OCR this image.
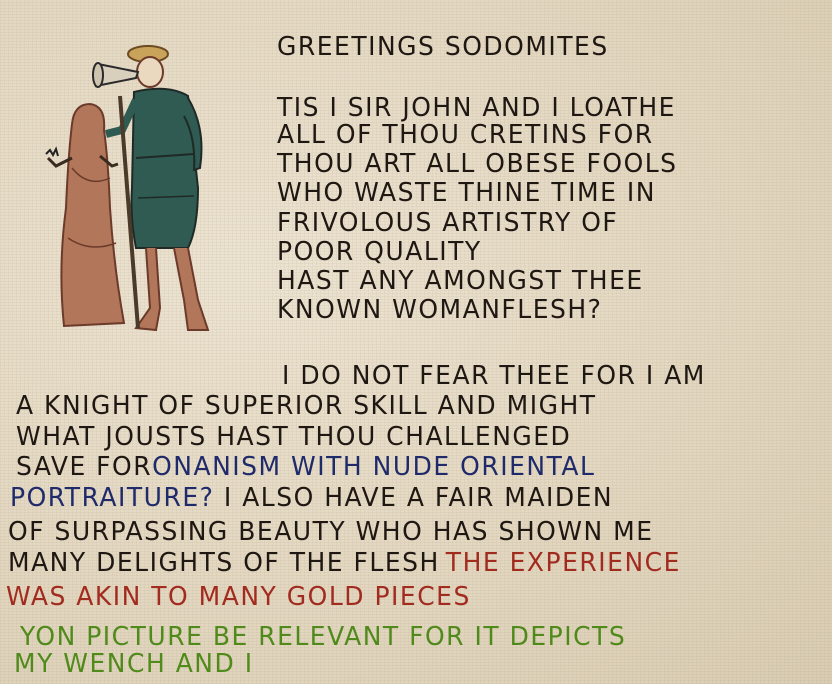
GREETINGS SODOMITES
TIS I SIR JOHN AND I LOATHE
ALL OF THOU CRETINS FOR
THOU ART ALL OBESE FOOLS
WHO WASTE THINE TIME IN
FRIVOLOUS ARTISTRY OF
POOR QUALITY
HAST ANY AMONGST THEE
KNOWN WOMANFLESH?
I DO NOT FEAR THEE FOR I AM
A KNIGHT OF SUPERIOR SKILL AND MIGHT
WHAT JOUSTS HAST THOU CHALLENGED
SAVE FORONANISM WITH NUDE ORIENTAL
PORTRAITURE? I ALSO HAVE A FAIR MAIDEN
OF SURPASSING BEAUTY WHO HAS SHOWN ME
MANY DELIGHTS OF THE FLESH THE EXPERIENCE
WAS AKIN TO MANY GOLD PIECES
YON PICTURE BE RELEVANT FOR IT DEPICTS
MY WENCH AND I
